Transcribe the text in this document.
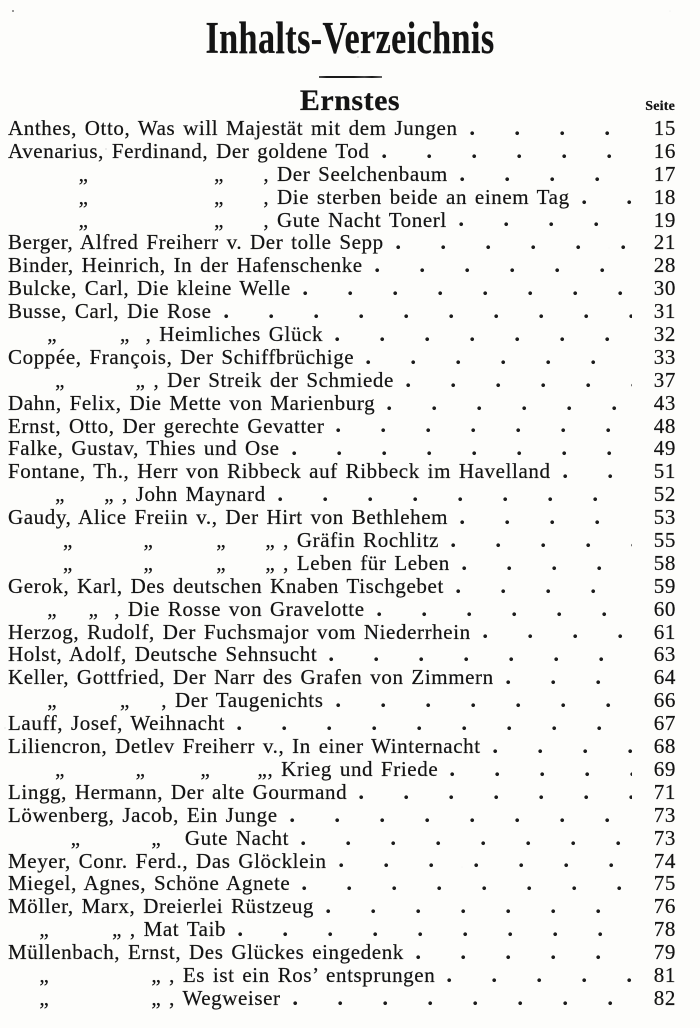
Inhalts-Verzeichnis
Ernstes	Seite
Anthes, Otto, Was will Majestät mit dem Jungen	15
Avenarius, Ferdinand, Der goldene Tod	16
„                „     , Der Seelchenbaum	17
„                „     , Die sterben beide an einem Tag	18
„                „     , Gute Nacht Tonerl	19
Berger, Alfred Freiherr v. Der tolle Sepp	21
Binder, Heinrich, In der Hafenschenke	28
Bulcke, Carl, Die kleine Welle	30
Busse, Carl, Die Rose	31
„        „  , Heimliches Glück	32
Coppée, François, Der Schiffbrüchige	33
„         „ , Der Streik der Schmiede	37
Dahn, Felix, Die Mette von Marienburg	43
Ernst, Otto, Der gerechte Gevatter	48
Falke, Gustav, Thies und Ose	49
Fontane, Th., Herr von Ribbeck auf Ribbeck im Havelland	51
„     „ , John Maynard	52
Gaudy, Alice Freiin v., Der Hirt von Bethlehem	53
„         „        „     „ , Gräfin Rochlitz	55
„         „        „     „ , Leben für Leben	58
Gerok, Karl, Des deutschen Knaben Tischgebet	59
„    „  , Die Rosse von Gravelotte	60
Herzog, Rudolf, Der Fuchsmajor vom Niederrhein	61
Holst, Adolf, Deutsche Sehnsucht	63
Keller, Gottfried, Der Narr des Grafen von Zimmern	64
„        „    , Der Taugenichts	66
Lauff, Josef, Weihnacht	67
Liliencron, Detlev Freiherr v., In einer Winternacht	68
„         „       „      „, Krieg und Friede	69
Lingg, Hermann, Der alte Gourmand	71
Löwenberg, Jacob, Ein Junge	73
„         „   Gute Nacht	73
Meyer, Conr. Ferd., Das Glöcklein	74
Miegel, Agnes, Schöne Agnete	75
Möller, Marx, Dreierlei Rüstzeug	76
„        „ , Mat Taib	78
Müllenbach, Ernst, Des Glückes eingedenk	79
„             „ , Es ist ein Ros’ entsprungen	81
„             „ , Wegweiser	82
